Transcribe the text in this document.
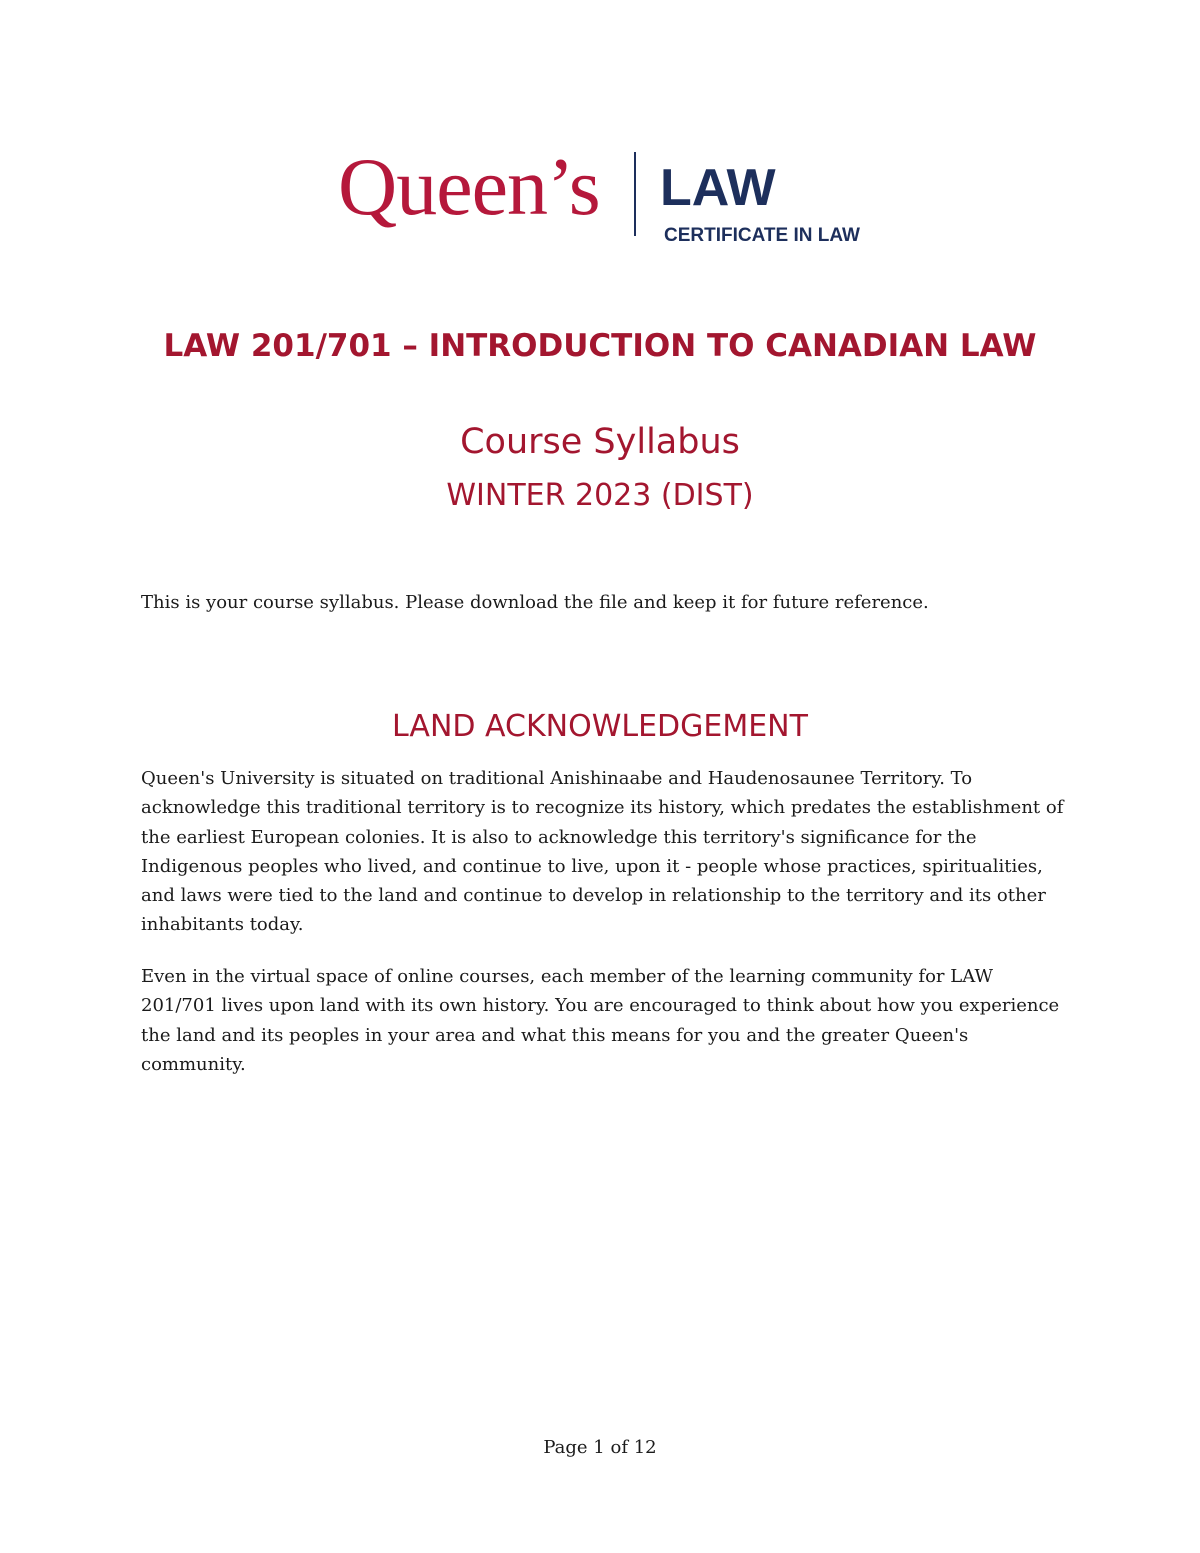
Queen’s LAW
CERTIFICATE IN LAW
LAW 201/701 – INTRODUCTION TO CANADIAN LAW
Course Syllabus
WINTER 2023 (DIST)
This is your course syllabus. Please download the file and keep it for future reference.
LAND ACKNOWLEDGEMENT

Queen's University is situated on traditional Anishinaabe and Haudenosaunee Territory. To acknowledge this traditional territory is to recognize its history, which predates the establishment of the earliest European colonies. It is also to acknowledge this territory's significance for the Indigenous peoples who lived, and continue to live, upon it - people whose practices, spiritualities, and laws were tied to the land and continue to develop in relationship to the territory and its other inhabitants today.

Even in the virtual space of online courses, each member of the learning community for LAW 201/701 lives upon land with its own history. You are encouraged to think about how you experience the land and its peoples in your area and what this means for you and the greater Queen's community.

Page 1 of 12
